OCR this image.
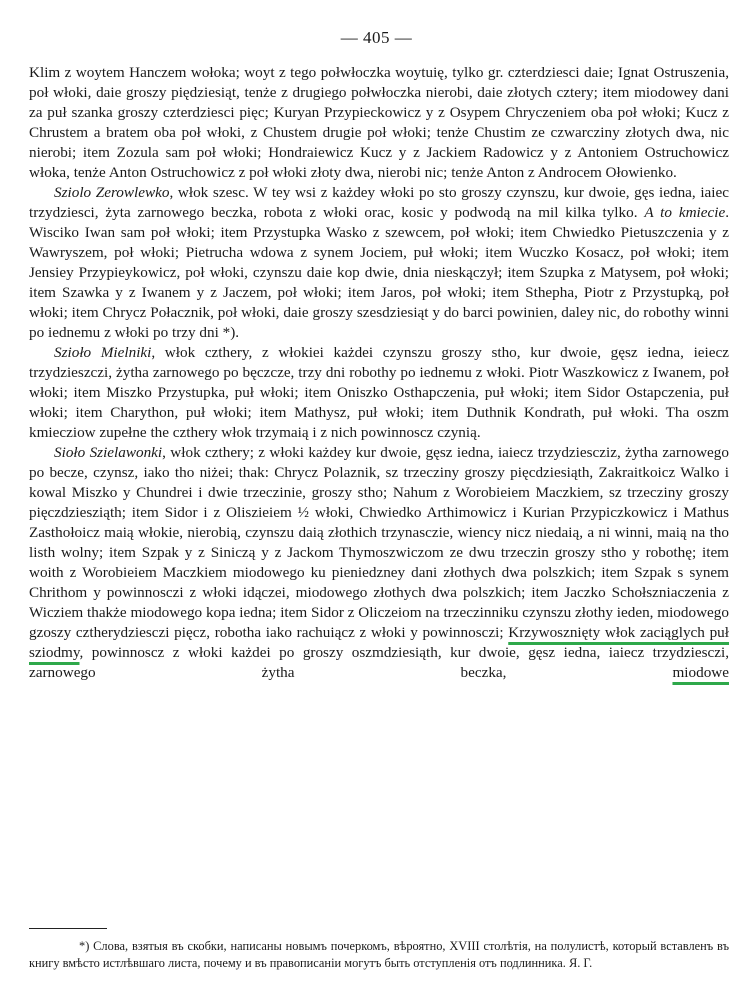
— 405 —

Klim z woytem Hanczem wołoka; woyt z tego połwłoczka woytuię, tylko gr. czterdziesci daie; Ignat Ostruszenia, poł włoki, daie groszy piędziesiąt, tenże z drugiego połwłoczka nierobi, daie złotych cztery; item miodowey dani za puł szanka groszy czterdziesci pięc; Kuryan Przypieckowicz y z Osypem Chryczeniem oba poł włoki; Kucz z Chrustem a bratem oba poł włoki, z Chustem drugie poł włoki; tenże Chustim ze czwarcziny złotych dwa, nic nierobi; item Zozula sam poł włoki; Hondraiewicz Kucz y z Jackiem Radowicz y z Antoniem Ostruchowicz włoka, tenże Anton Ostruchowicz z poł włoki złoty dwa, nierobi nic; tenże Anton z Androcem Ołowienko.

Sziolo Zerowlewko, włok szesc. W tey wsi z każdey włoki po sto groszy czynszu, kur dwoie, gęs iedna, iaiec trzydziesci, żyta zarnowego beczka, robota z włoki orac, kosic y podwodą na mil kilka tylko. A to kmiecie. Wisciko Iwan sam poł włoki; item Przystupka Wasko z szewcem, poł włoki; item Chwiedko Pietuszczenia y z Wawryszem, poł włoki; Pietrucha wdowa z synem Jociem, puł włoki; item Wuczko Kosacz, poł włoki; item Jensiey Przypieykowicz, poł włoki, czynszu daie kop dwie, dnia nieskączył; item Szupka z Matysem, poł włoki; item Szawka y z Iwanem y z Jaczem, poł włoki; item Jaros, poł włoki; item Sthepha, Piotr z Przystupką, poł włoki; item Chrycz Połacznik, poł włoki, daie groszy szesdziesiąt y do barci powinien, daley nic, do robothy winni po iednemu z włoki po trzy dni *).

Szioło Mielniki, włok czthery, z włokiei każdei czynszu groszy stho, kur dwoie, gęsz iedna, ieiecz trzydzieszczi, żytha zarnowego po bęczcze, trzy dni robothy po iednemu z włoki. Piotr Waszkowicz z Iwanem, poł włoki; item Miszko Przystupka, puł włoki; item Oniszko Osthapczenia, puł włoki; item Sidor Ostapczenia, puł włoki; item Charython, puł włoki; item Mathysz, puł włoki; item Duthnik Kondrath, puł włoki. Tha oszm kmiecziow zupełne the czthery włok trzymaią i z nich powinnoscz czynią.

Sioło Szielawonki, włok czthery; z włoki każdey kur dwoie, gęsz iedna, iaiecz trzydziescziz, żytha zarnowego po becze, czynsz, iako tho niżei; thak: Chrycz Polaznik, sz trzecziny groszy pięcdziesiąth, Zakraitkoicz Walko i kowal Miszko y Chundrei i dwie trzeczinie, groszy stho; Nahum z Worobieiem Maczkiem, sz trzecziny groszy pięczdziesziąth; item Sidor i z Oliszieiem ½ włoki, Chwiedko Arthimowicz i Kurian Przypiczkowicz i Mathus Zasthołoicz maią włokie, nierobią, czynszu daią złothich trzynasczie, wiency nicz niedaią, a ni winni, maią na tho listh wolny; item Szpak y z Siniczą y z Jackom Thymoszwiczom ze dwu trzeczin groszy stho y robothę; item woith z Worobieiem Maczkiem miodowego ku pieniedzney dani złothych dwa polszkich; item Szpak s synem Chrithom y powinnosczi z włoki idączei, miodowego złothych dwa polszkich; item Jaczko Schołszniaczenia z Wicziem thakże miodowego kopa iedna; item Sidor z Oliczeiom na trzeczinniku czynszu złothy ieden, miodowego gzoszy cztherydziesczi pięcz, robotha iako rachuiącz z włoki y powinnosczi; Krzywosznięty włok zaciąglych puł sziodmy, powinnoscz z włoki każdei po groszy oszmdziesiąth, kur dwoie, gęsz iedna, iaiecz trzydziesczi, zarnowego żytha beczka, miodowe

*) Слова, взятыя въ скобки, написаны новымъ почеркомъ, вѣроятно, XVIII столѣтія, на полулистѣ, который вставленъ въ книгу вмѣсто истлѣвшаго листа, почему и въ правописаніи могутъ быть отступленія отъ подлинника. Я. Г.
